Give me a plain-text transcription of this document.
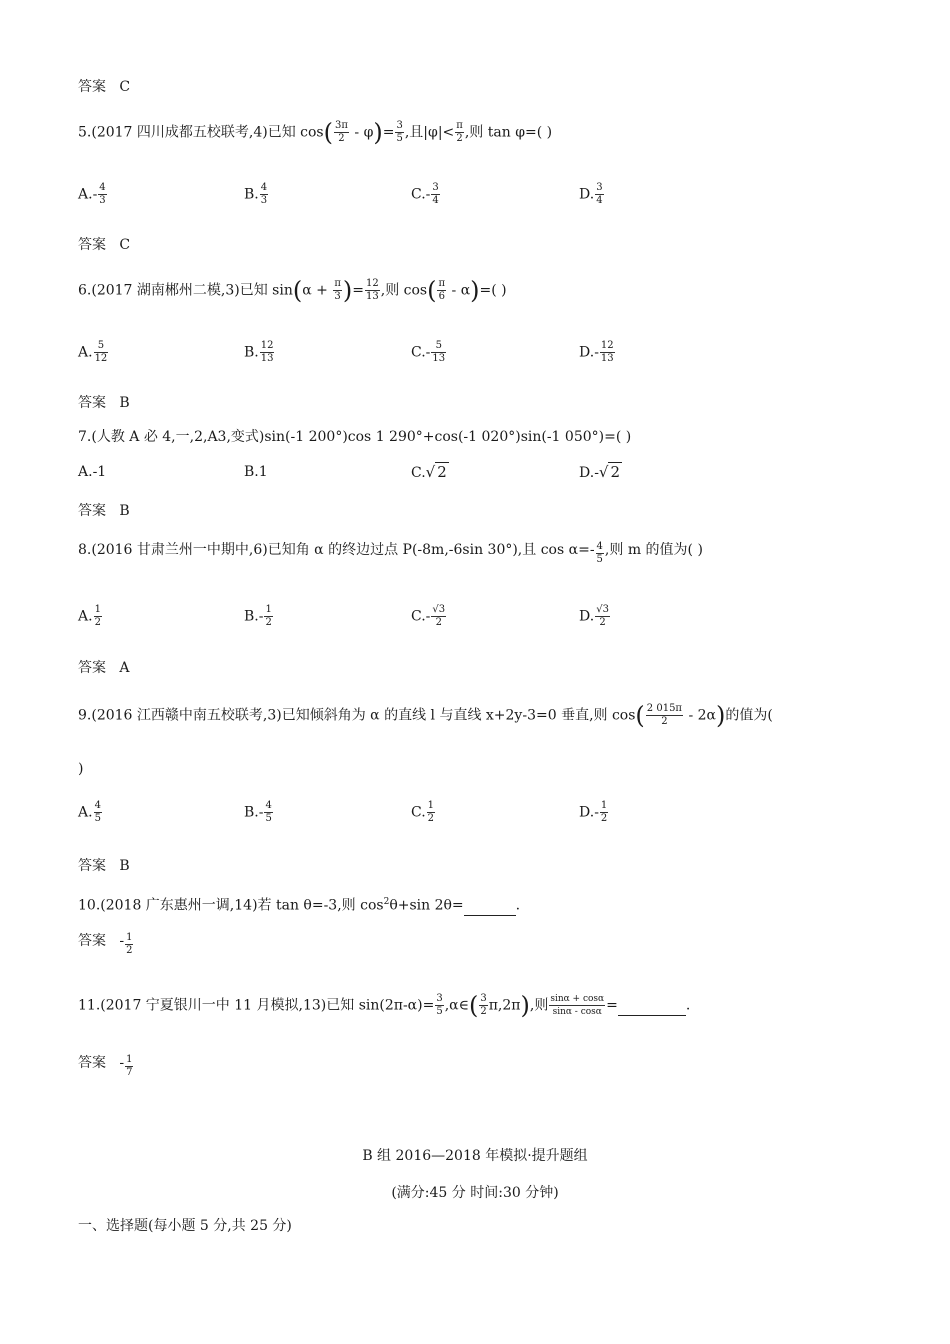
答案 C
5.(2017 四川成都五校联考,4)已知 $\cos( \frac{3\pi}{2} - \varphi)= \frac{3}{5}$ ,且$|\varphi|< \frac{\pi}{2}$ ,则 tan φ=( )
$A.- \frac{4}{3}$	B. $\frac{4}{3}$	$C.- \frac{3}{4}$	D. $\frac{3}{4}$
答案 C
6.(2017 湖南郴州二模,3)已知 $\sin(\alpha + \frac{\pi}{3}$ )= $\frac{12}{13}$ ,则 $\cos( \frac{\pi}{6} - \alpha)=$( )
A. $\frac{5}{12}$	B. $\frac{12}{13}$	$C.- \frac{5}{13}$	$D.- \frac{12}{13}$
答案 B
7.(人教 A 必 4,一,2,A3,变式)sin(-1 200°)cos 1 290°+cos(-1 020°)sin(-1 050°)=( )
A.-1	B.1	C.√ 2	D.-√ 2
答案 B
8.(2016 甘肃兰州一中期中,6)已知角 α 的终边过点 P(-8m,-6sin 30°),且 $\cos \alpha=- \frac{4}{5}$ ,则 m 的值为( )
A. $\frac{1}{2}$	$B.- \frac{1}{2}$	$C.- \frac{√3}{2}$	D. $\frac{√3}{2}$
答案 A
9.(2016 江西赣中南五校联考,3)已知倾斜角为 α 的直线 l 与直线 x+2y-3=0 垂直,则 $\cos( \frac{2 015\pi}{2} - 2\alpha)$的值为(
)
A. $\frac{4}{5}$	$B.- \frac{4}{5}$	C. $\frac{1}{2}$	$D.- \frac{1}{2}$
答案 B
10.(2018 广东惠州一调,14)若 tan θ=-3,则 $\cos^2\theta+\sin$ 2θ=	.
答案 - $\frac{1}{2}$
11.(2017 宁夏银川一中 11 月模拟,13)已知 $\sin(2\pi-\alpha)= \frac{3}{5}$ ,α∈( $\frac{3}{2} \pi,2\pi$),则 $\frac{\sin\alpha + \cos\alpha}{\sin\alpha - \cos\alpha}$ =	.
答案 - $\frac{1}{7}$
B 组 2016—2018 年模拟·提升题组
(满分:45 分 时间:30 分钟)
一、选择题(每小题 5 分,共 25 分)
